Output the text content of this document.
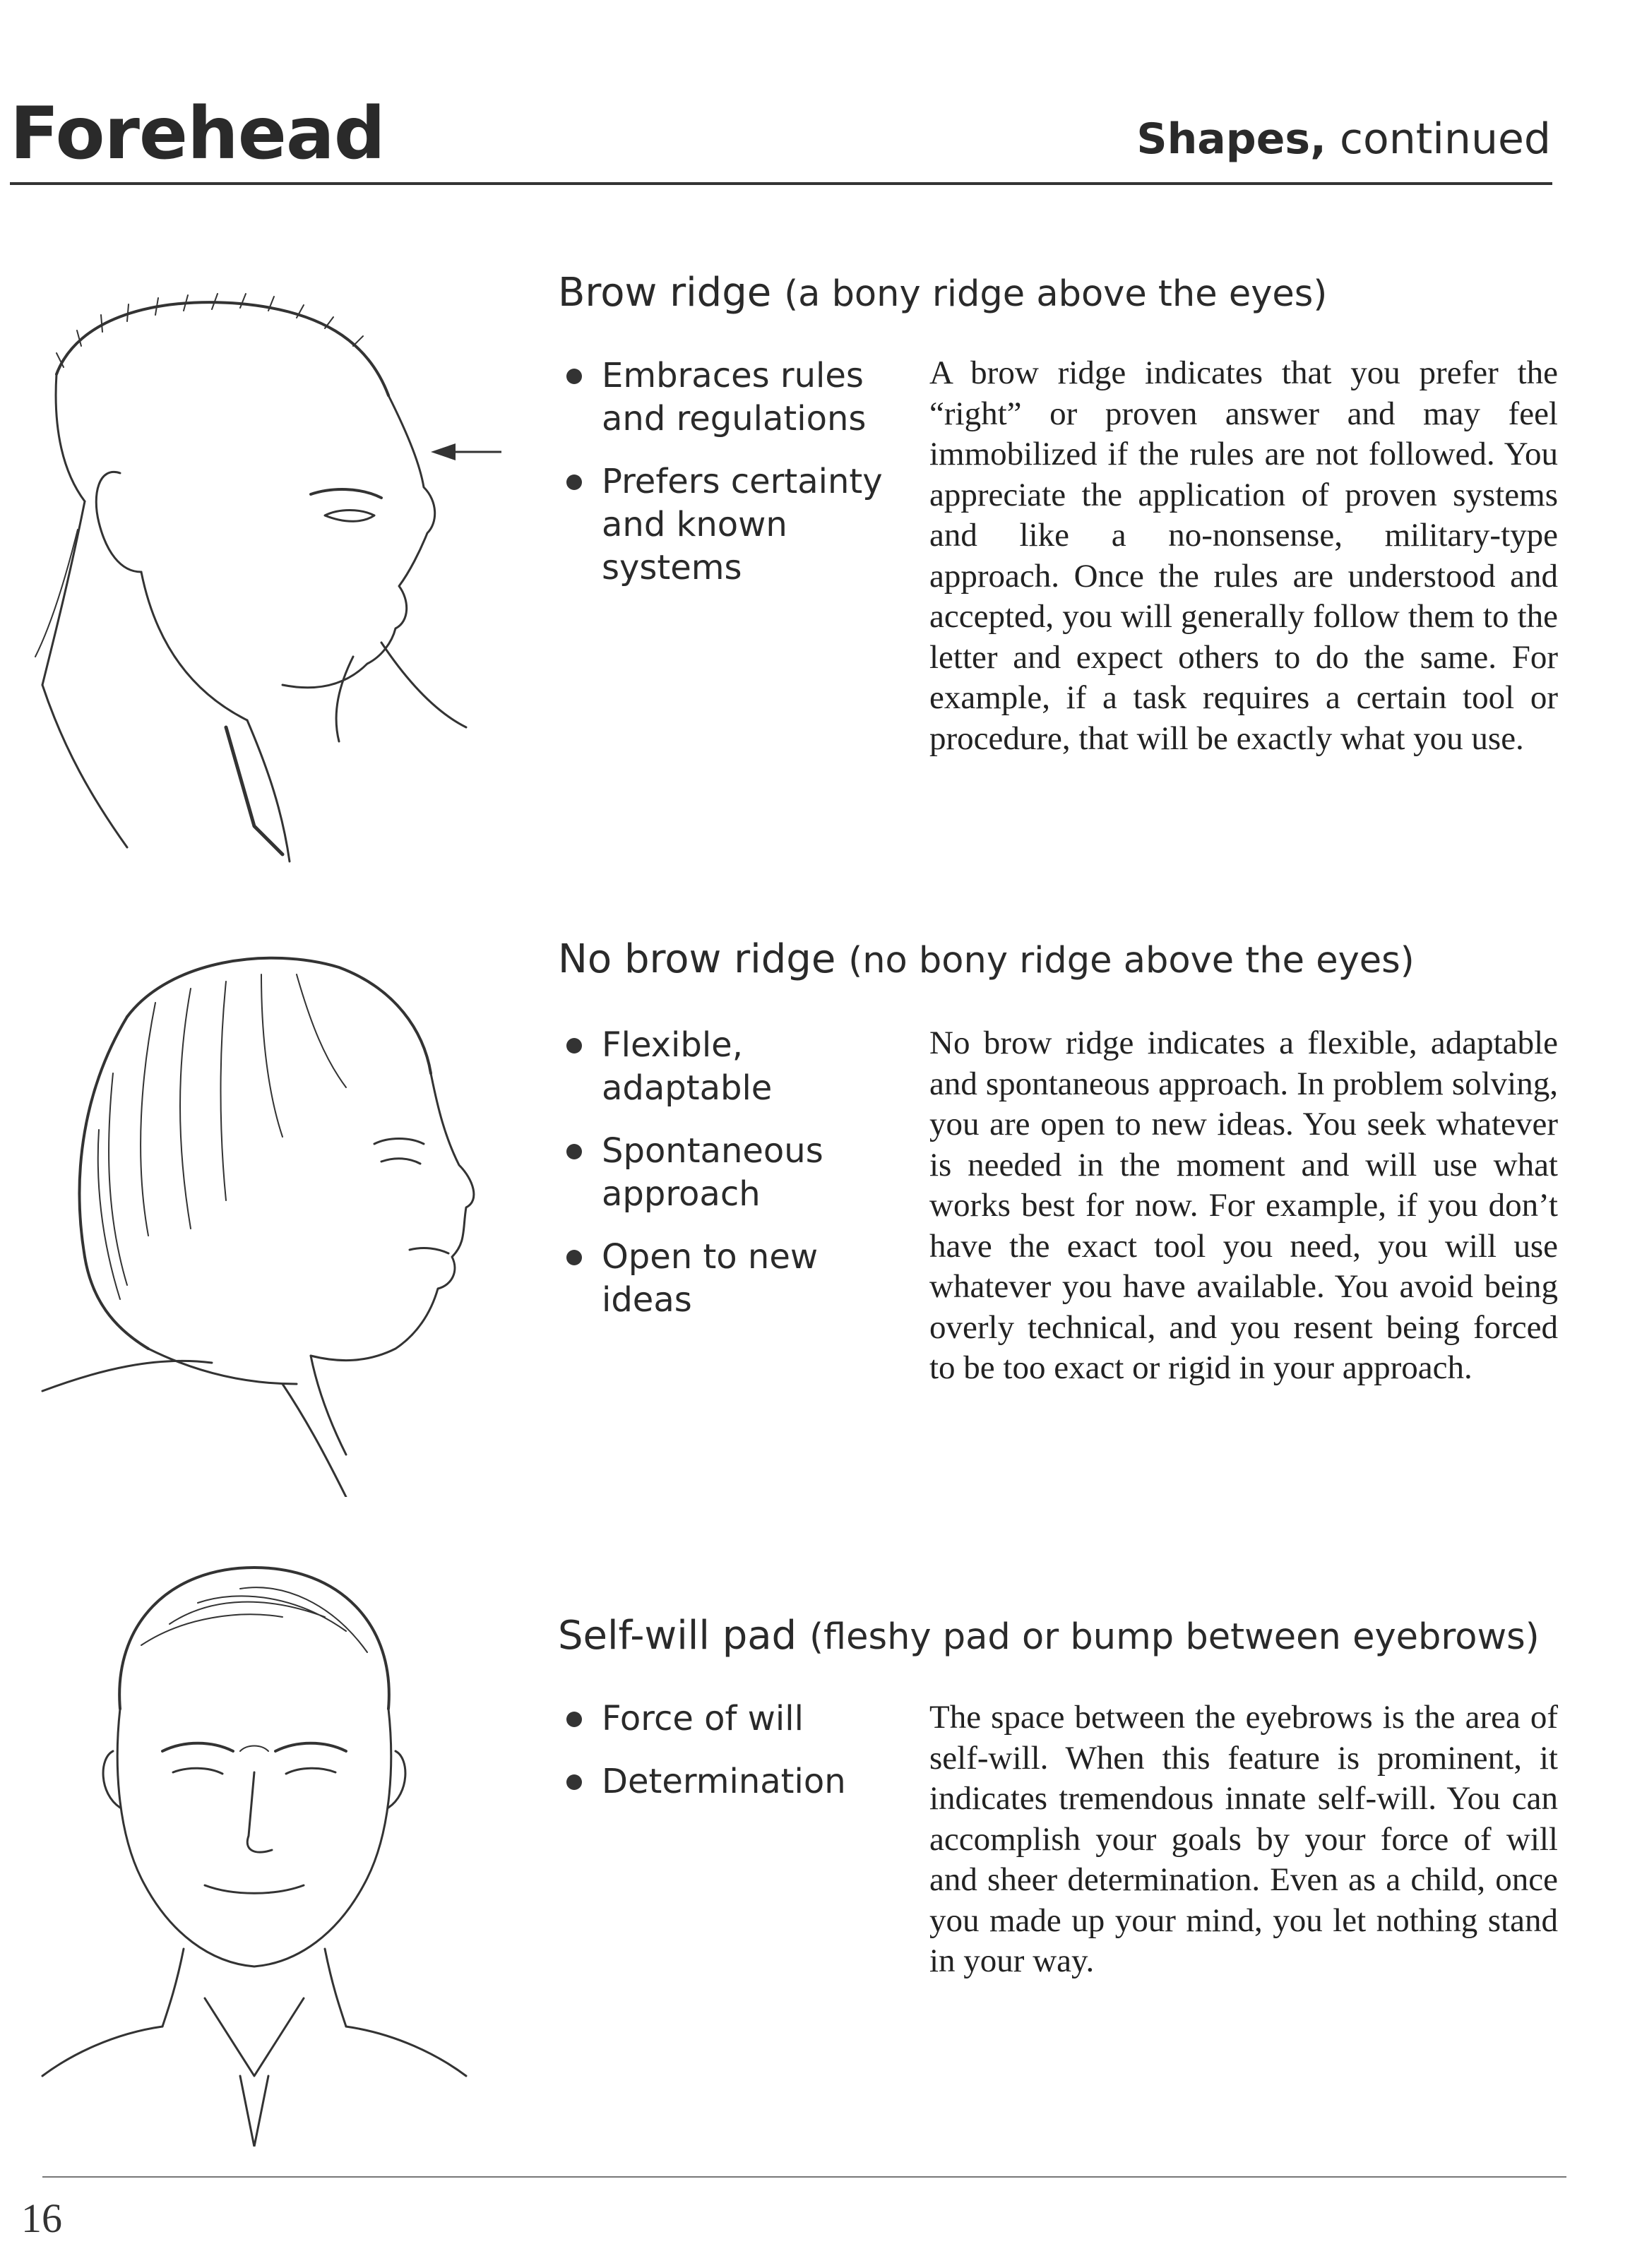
Forehead	Shapes, continued
Brow ridge (a bony ridge above the eyes)
Embraces rules and regulations
Prefers certainty and known systems

A brow ridge indicates that you prefer the “right” or proven answer and may feel immobilized if the rules are not followed. You appreciate the application of proven systems and like a no-nonsense, military-type approach. Once the rules are understood and accepted, you will generally follow them to the letter and expect others to do the same. For example, if a task requires a certain tool or procedure, that will be exactly what you use.

No brow ridge (no bony ridge above the eyes)
Flexible, adaptable
Spontaneous approach
Open to new ideas

No brow ridge indicates a flexible, adaptable and spontaneous approach. In problem solving, you are open to new ideas. You seek whatever is needed in the moment and will use what works best for now. For example, if you don’t have the exact tool you need, you will use whatever you have available. You avoid being overly technical, and you resent being forced to be too exact or rigid in your approach.

Self-will pad (fleshy pad or bump between eyebrows)
Force of will
Determination

The space between the eyebrows is the area of self-will. When this feature is prominent, it indicates tremendous innate self-will. You can accomplish your goals by your force of will and sheer determination. Even as a child, once you made up your mind, you let nothing stand in your way.

16
